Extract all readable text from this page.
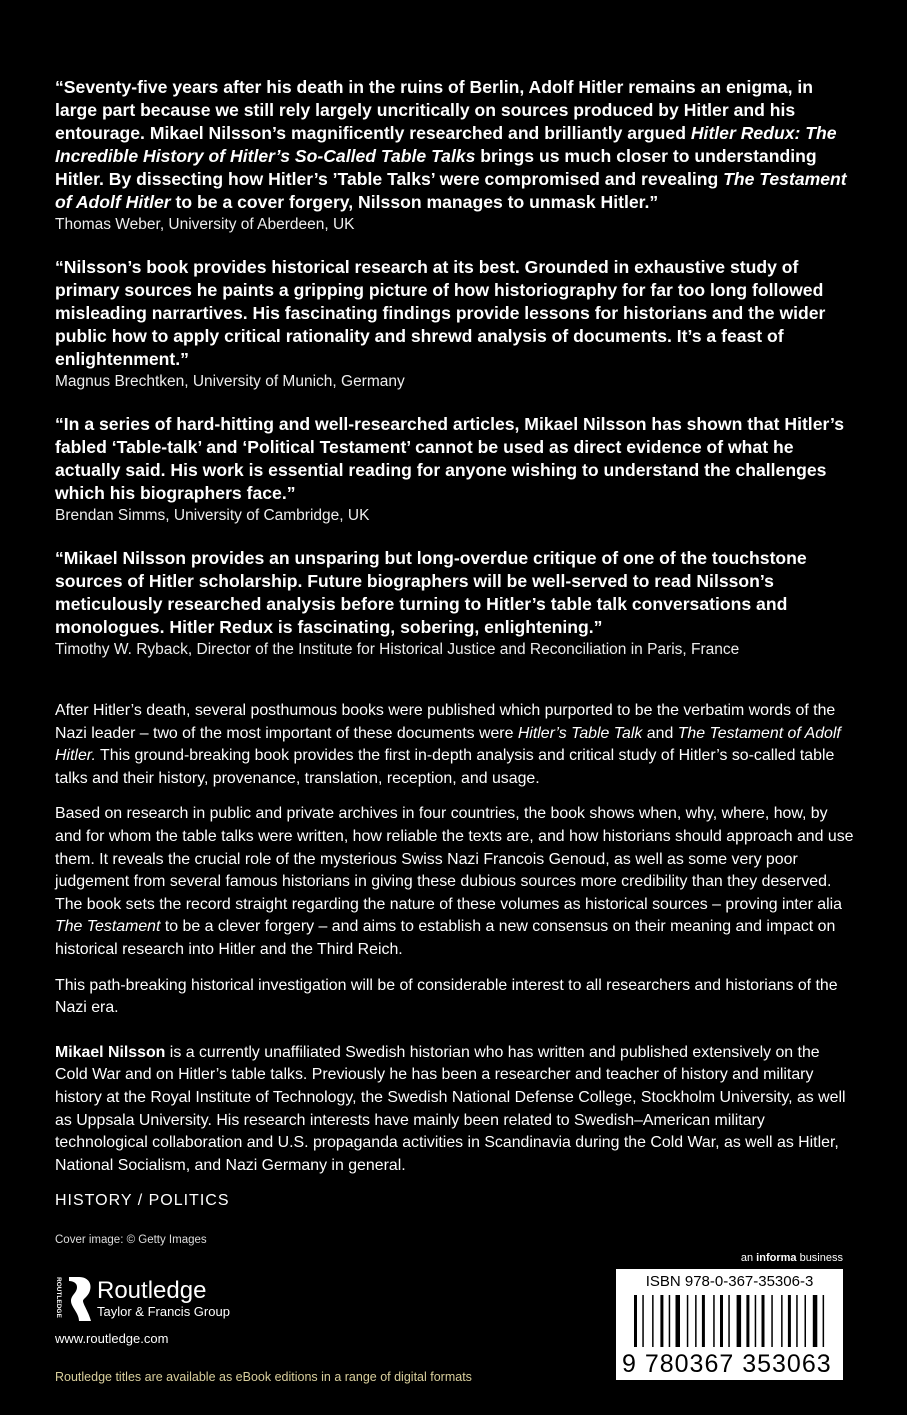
“Seventy-five years after his death in the ruins of Berlin, Adolf Hitler remains an enigma, in large part because we still rely largely uncritically on sources produced by Hitler and his entourage. Mikael Nilsson’s magnificently researched and brilliantly argued Hitler Redux: The Incredible History of Hitler’s So-Called Table Talks brings us much closer to understanding Hitler. By dissecting how Hitler’s ’Table Talks’ were compromised and revealing The Testament of Adolf Hitler to be a cover forgery, Nilsson manages to unmask Hitler.”

Thomas Weber, University of Aberdeen, UK

“Nilsson’s book provides historical research at its best. Grounded in exhaustive study of primary sources he paints a gripping picture of how historiography for far too long followed misleading narrartives. His fascinating findings provide lessons for historians and the wider public how to apply critical rationality and shrewd analysis of documents. It’s a feast of enlightenment.”

Magnus Brechtken, University of Munich, Germany

“In a series of hard-hitting and well-researched articles, Mikael Nilsson has shown that Hitler’s fabled ‘Table-talk’ and ‘Political Testament’ cannot be used as direct evidence of what he actually said. His work is essential reading for anyone wishing to understand the challenges which his biographers face.”

Brendan Simms, University of Cambridge, UK

“Mikael Nilsson provides an unsparing but long-overdue critique of one of the touchstone sources of Hitler scholarship. Future biographers will be well-served to read Nilsson’s meticulously researched analysis before turning to Hitler’s table talk conversations and monologues. Hitler Redux is fascinating, sobering, enlightening.”

Timothy W. Ryback, Director of the Institute for Historical Justice and Reconciliation in Paris, France

After Hitler’s death, several posthumous books were published which purported to be the verbatim words of the Nazi leader – two of the most important of these documents were Hitler’s Table Talk and The Testament of Adolf Hitler. This ground-breaking book provides the first in-depth analysis and critical study of Hitler’s so-called table talks and their history, provenance, translation, reception, and usage.

Based on research in public and private archives in four countries, the book shows when, why, where, how, by and for whom the table talks were written, how reliable the texts are, and how historians should approach and use them. It reveals the crucial role of the mysterious Swiss Nazi Francois Genoud, as well as some very poor judgement from several famous historians in giving these dubious sources more credibility than they deserved. The book sets the record straight regarding the nature of these volumes as historical sources – proving inter alia The Testament to be a clever forgery – and aims to establish a new consensus on their meaning and impact on historical research into Hitler and the Third Reich.

This path-breaking historical investigation will be of considerable interest to all researchers and historians of the Nazi era.

Mikael Nilsson is a currently unaffiliated Swedish historian who has written and published extensively on the Cold War and on Hitler’s table talks. Previously he has been a researcher and teacher of history and military history at the Royal Institute of Technology, the Swedish National Defense College, Stockholm University, as well as Uppsala University. His research interests have mainly been related to Swedish–American military technological collaboration and U.S. propaganda activities in Scandinavia during the Cold War, as well as Hitler, National Socialism, and Nazi Germany in general.

HISTORY / POLITICS
Cover image: © Getty Images
ROUTLEDGE Routledge
Taylor & Francis Group
www.routledge.com
Routledge titles are available as eBook editions in a range of digital formats
an informa business
ISBN 978-0-367-35306-3
9 780367 353063
